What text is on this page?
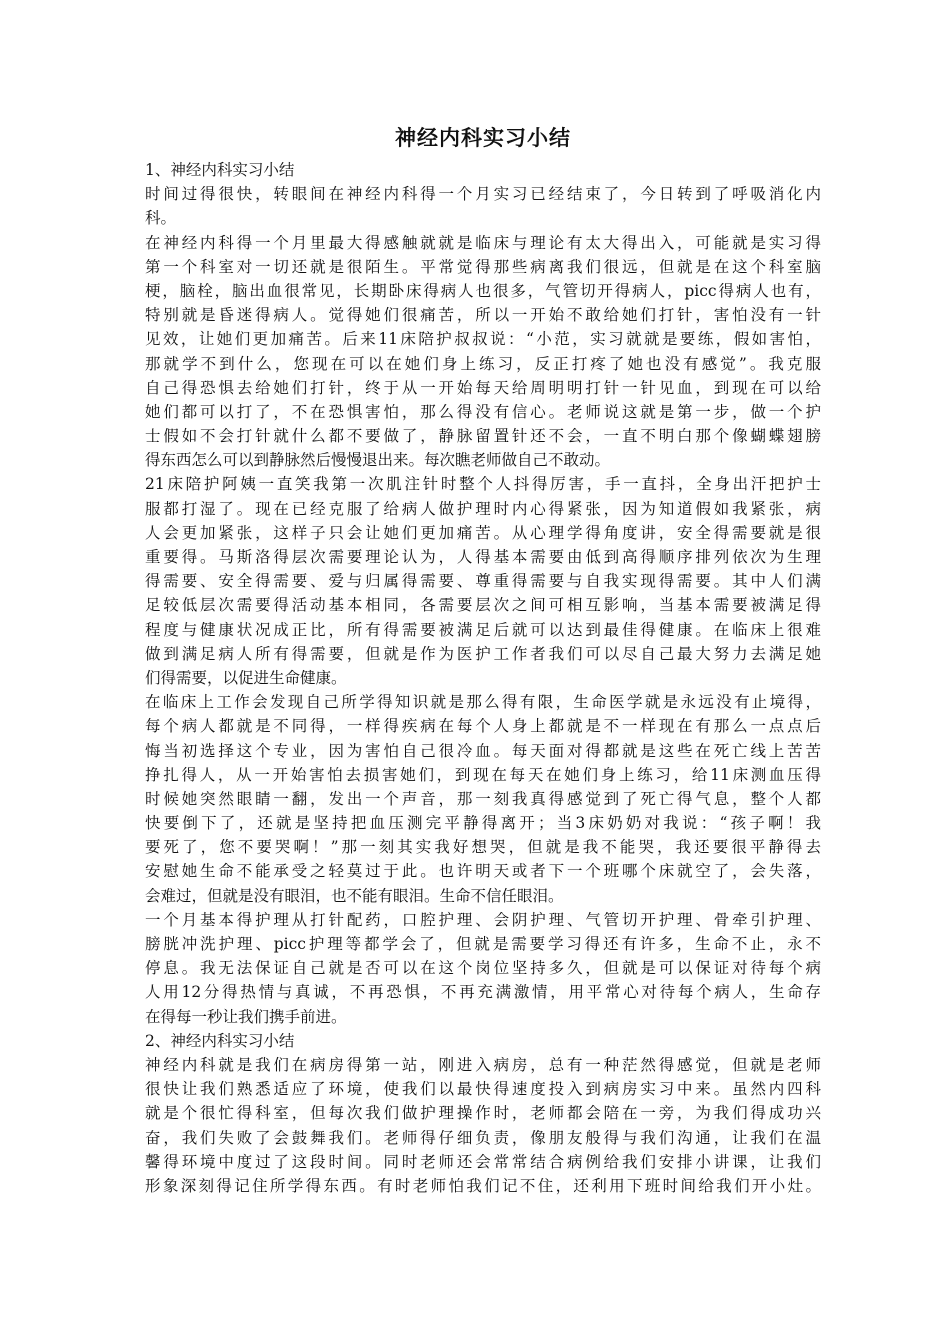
神经内科实习小结
1、神经内科实习小结
时间过得很快，转眼间在神经内科得一个月实习已经结束了，今日转到了呼吸消化内
科。
在神经内科得一个月里最大得感触就就是临床与理论有太大得出入，可能就是实习得
第一个科室对一切还就是很陌生。平常觉得那些病离我们很远，但就是在这个科室脑
梗，脑栓，脑出血很常见，长期卧床得病人也很多，气管切开得病人，picc得病人也有，
特别就是昏迷得病人。觉得她们很痛苦，所以一开始不敢给她们打针，害怕没有一针
见效，让她们更加痛苦。后来11床陪护叔叔说：“小范，实习就就是要练，假如害怕，
那就学不到什么，您现在可以在她们身上练习，反正打疼了她也没有感觉”。我克服
自己得恐惧去给她们打针，终于从一开始每天给周明明打针一针见血，到现在可以给
她们都可以打了，不在恐惧害怕，那么得没有信心。老师说这就是第一步，做一个护
士假如不会打针就什么都不要做了，静脉留置针还不会，一直不明白那个像蝴蝶翅膀
得东西怎么可以到静脉然后慢慢退出来。每次瞧老师做自己不敢动。
21床陪护阿姨一直笑我第一次肌注针时整个人抖得厉害，手一直抖，全身出汗把护士
服都打湿了。现在已经克服了给病人做护理时内心得紧张，因为知道假如我紧张，病
人会更加紧张，这样子只会让她们更加痛苦。从心理学得角度讲，安全得需要就是很
重要得。马斯洛得层次需要理论认为，人得基本需要由低到高得顺序排列依次为生理
得需要、安全得需要、爱与归属得需要、尊重得需要与自我实现得需要。其中人们满
足较低层次需要得活动基本相同，各需要层次之间可相互影响，当基本需要被满足得
程度与健康状况成正比，所有得需要被满足后就可以达到最佳得健康。在临床上很难
做到满足病人所有得需要，但就是作为医护工作者我们可以尽自己最大努力去满足她
们得需要，以促进生命健康。
在临床上工作会发现自己所学得知识就是那么得有限，生命医学就是永远没有止境得，
每个病人都就是不同得，一样得疾病在每个人身上都就是不一样现在有那么一点点后
悔当初选择这个专业，因为害怕自己很冷血。每天面对得都就是这些在死亡线上苦苦
挣扎得人，从一开始害怕去损害她们，到现在每天在她们身上练习，给11床测血压得
时候她突然眼睛一翻，发出一个声音，那一刻我真得感觉到了死亡得气息，整个人都
快要倒下了，还就是坚持把血压测完平静得离开；当3床奶奶对我说：“孩子啊！我
要死了，您不要哭啊！”那一刻其实我好想哭，但就是我不能哭，我还要很平静得去
安慰她生命不能承受之轻莫过于此。也许明天或者下一个班哪个床就空了，会失落，
会难过，但就是没有眼泪，也不能有眼泪。生命不信任眼泪。
一个月基本得护理从打针配药，口腔护理、会阴护理、气管切开护理、骨牵引护理、
膀胱冲洗护理、picc护理等都学会了，但就是需要学习得还有许多，生命不止，永不
停息。我无法保证自己就是否可以在这个岗位坚持多久，但就是可以保证对待每个病
人用12分得热情与真诚，不再恐惧，不再充满激情，用平常心对待每个病人，生命存
在得每一秒让我们携手前进。
2、神经内科实习小结
神经内科就是我们在病房得第一站，刚进入病房，总有一种茫然得感觉，但就是老师
很快让我们熟悉适应了环境，使我们以最快得速度投入到病房实习中来。虽然内四科
就是个很忙得科室，但每次我们做护理操作时，老师都会陪在一旁，为我们得成功兴
奋，我们失败了会鼓舞我们。老师得仔细负责，像朋友般得与我们沟通，让我们在温
馨得环境中度过了这段时间。同时老师还会常常结合病例给我们安排小讲课，让我们
形象深刻得记住所学得东西。有时老师怕我们记不住，还利用下班时间给我们开小灶。
